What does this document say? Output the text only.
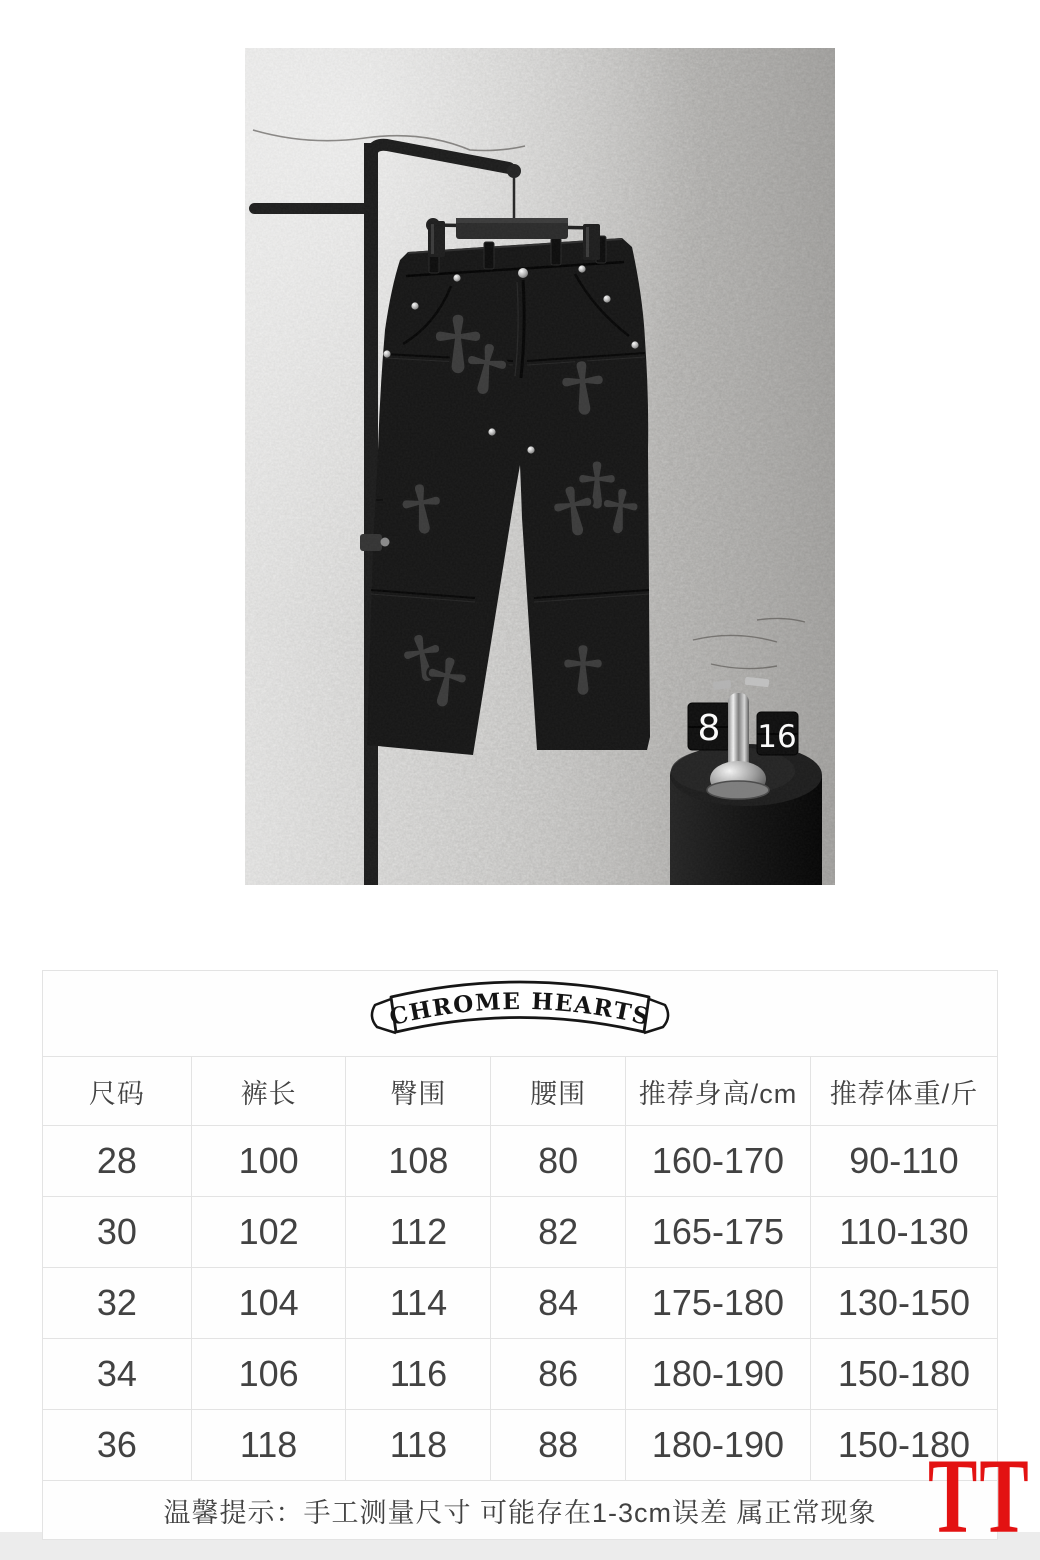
8 16
CHROME HEARTS
尺码	裤长	臀围	腰围	推荐身高/cm	推荐体重/斤
28	100	108	80	160-170	90-110
30	102	112	82	165-175	110-130
32	104	114	84	175-180	130-150
34	106	116	86	180-190	150-180
36	118	118	88	180-190	150-180
温馨提示：手工测量尺寸 可能存在1-3cm误差 属正常现象 TT
